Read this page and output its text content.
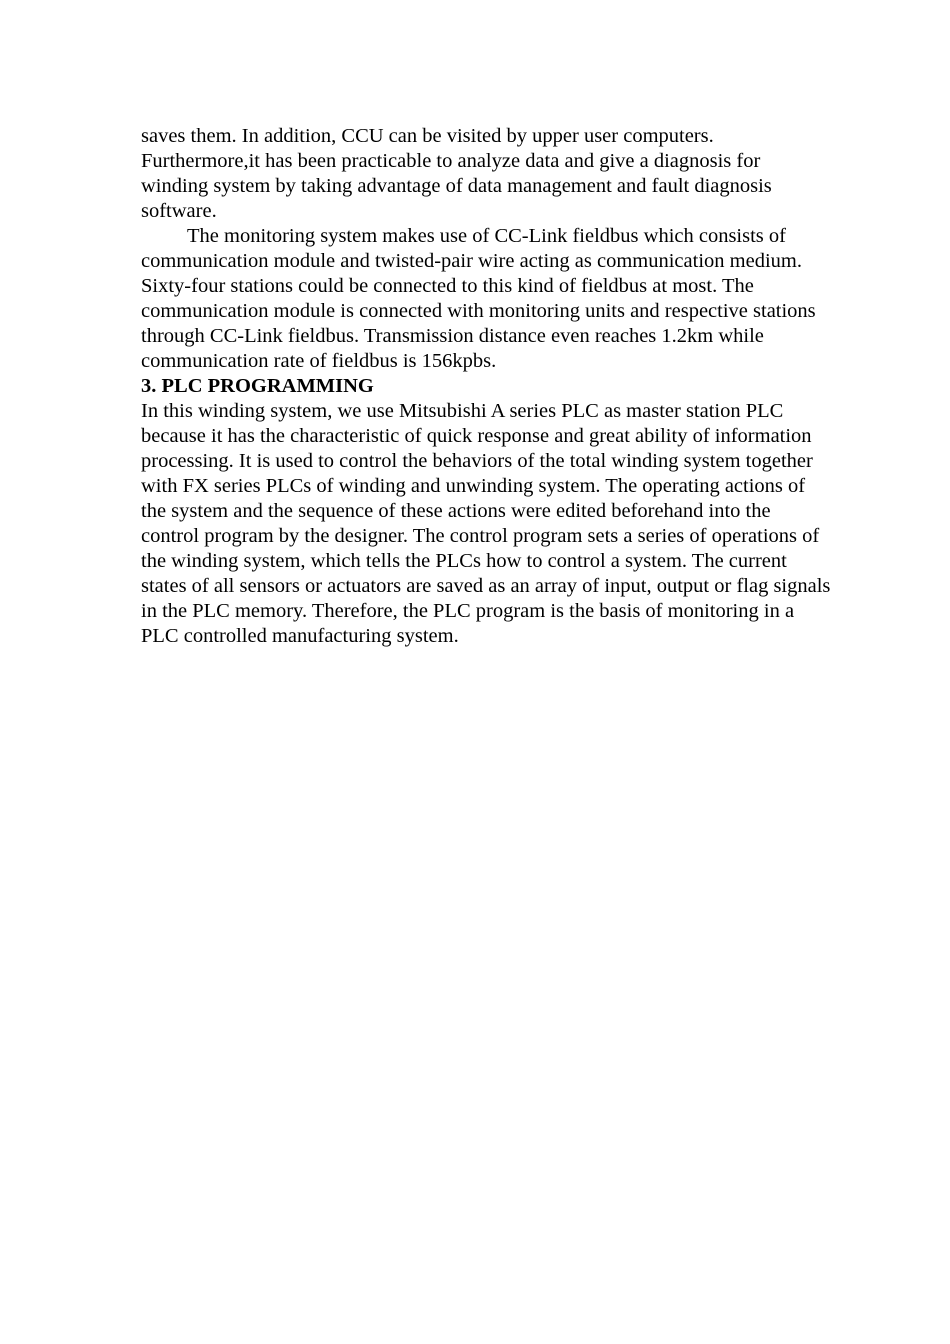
saves them. In addition, CCU can be visited by upper user computers. Furthermore,it has been practicable to analyze data and give a diagnosis for winding system by taking advantage of data management and fault diagnosis software.

The monitoring system makes use of CC-Link fieldbus which consists of communication module and twisted-pair wire acting as communication medium. Sixty-four stations could be connected to this kind of fieldbus at most. The communication module is connected with monitoring units and respective stations through CC-Link fieldbus. Transmission distance even reaches 1.2km while communication rate of fieldbus is 156kpbs.

3. PLC PROGRAMMING

In this winding system, we use Mitsubishi A series PLC as master station PLC because it has the characteristic of quick response and great ability of information processing. It is used to control the behaviors of the total winding system together with FX series PLCs of winding and unwinding system. The operating actions of the system and the sequence of these actions were edited beforehand into the control program by the designer. The control program sets a series of operations of the winding system, which tells the PLCs how to control a system. The current states of all sensors or actuators are saved as an array of input, output or flag signals in the PLC memory. Therefore, the PLC program is the basis of monitoring in a PLC controlled manufacturing system.
